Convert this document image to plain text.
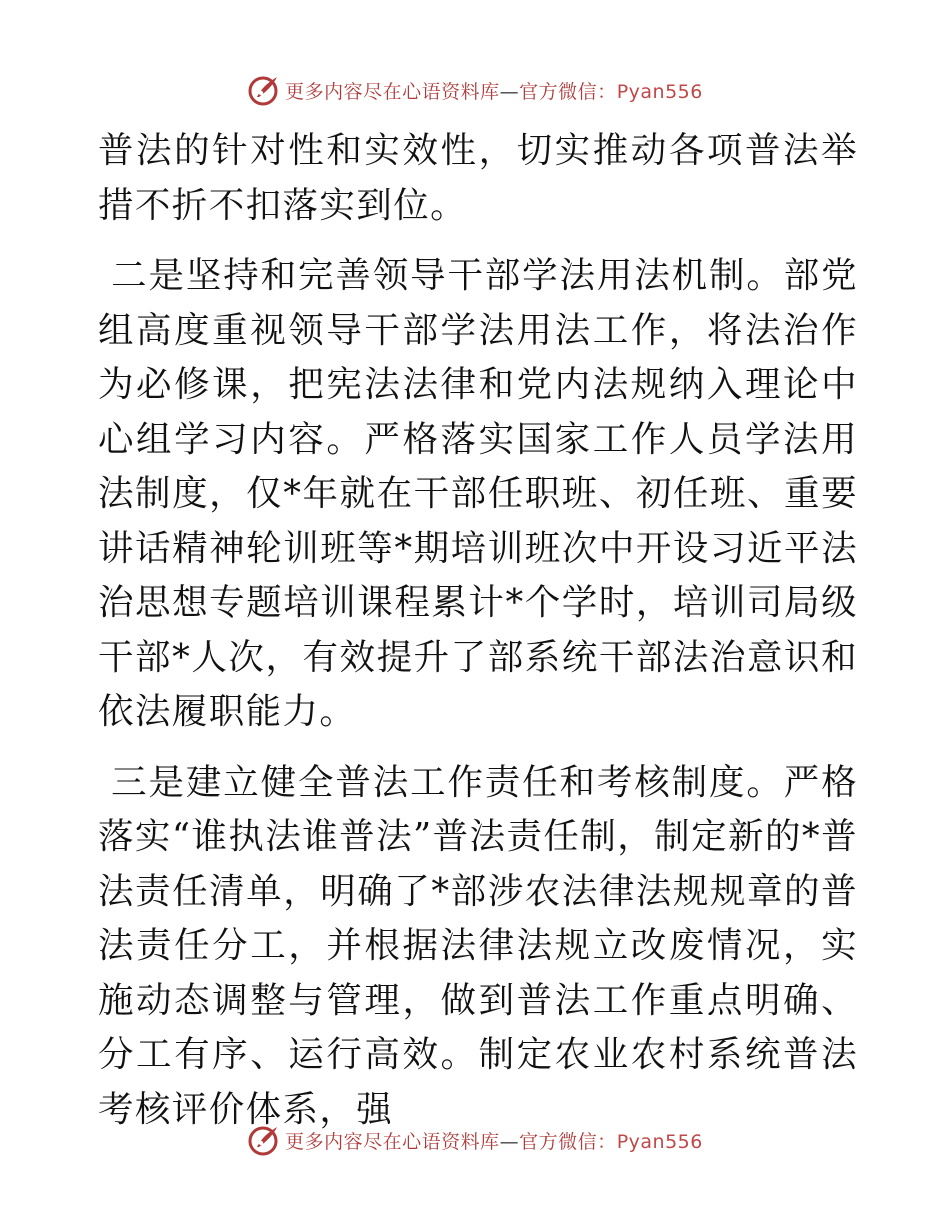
更多内容尽在心语资料库—官方微信：Pyan556

普法的针对性和实效性，切实推动各项普法举措不折不扣落实到位。

二是坚持和完善领导干部学法用法机制。部党组高度重视领导干部学法用法工作，将法治作为必修课，把宪法法律和党内法规纳入理论中心组学习内容。严格落实国家工作人员学法用法制度，仅*年就在干部任职班、初任班、重要讲话精神轮训班等*期培训班次中开设习近平法治思想专题培训课程累计*个学时，培训司局级干部*人次，有效提升了部系统干部法治意识和依法履职能力。

三是建立健全普法工作责任和考核制度。严格落实“谁执法谁普法”普法责任制，制定新的*普法责任清单，明确了*部涉农法律法规规章的普法责任分工，并根据法律法规立改废情况，实施动态调整与管理，做到普法工作重点明确、分工有序、运行高效。制定农业农村系统普法考核评价体系，强

更多内容尽在心语资料库—官方微信：Pyan556
